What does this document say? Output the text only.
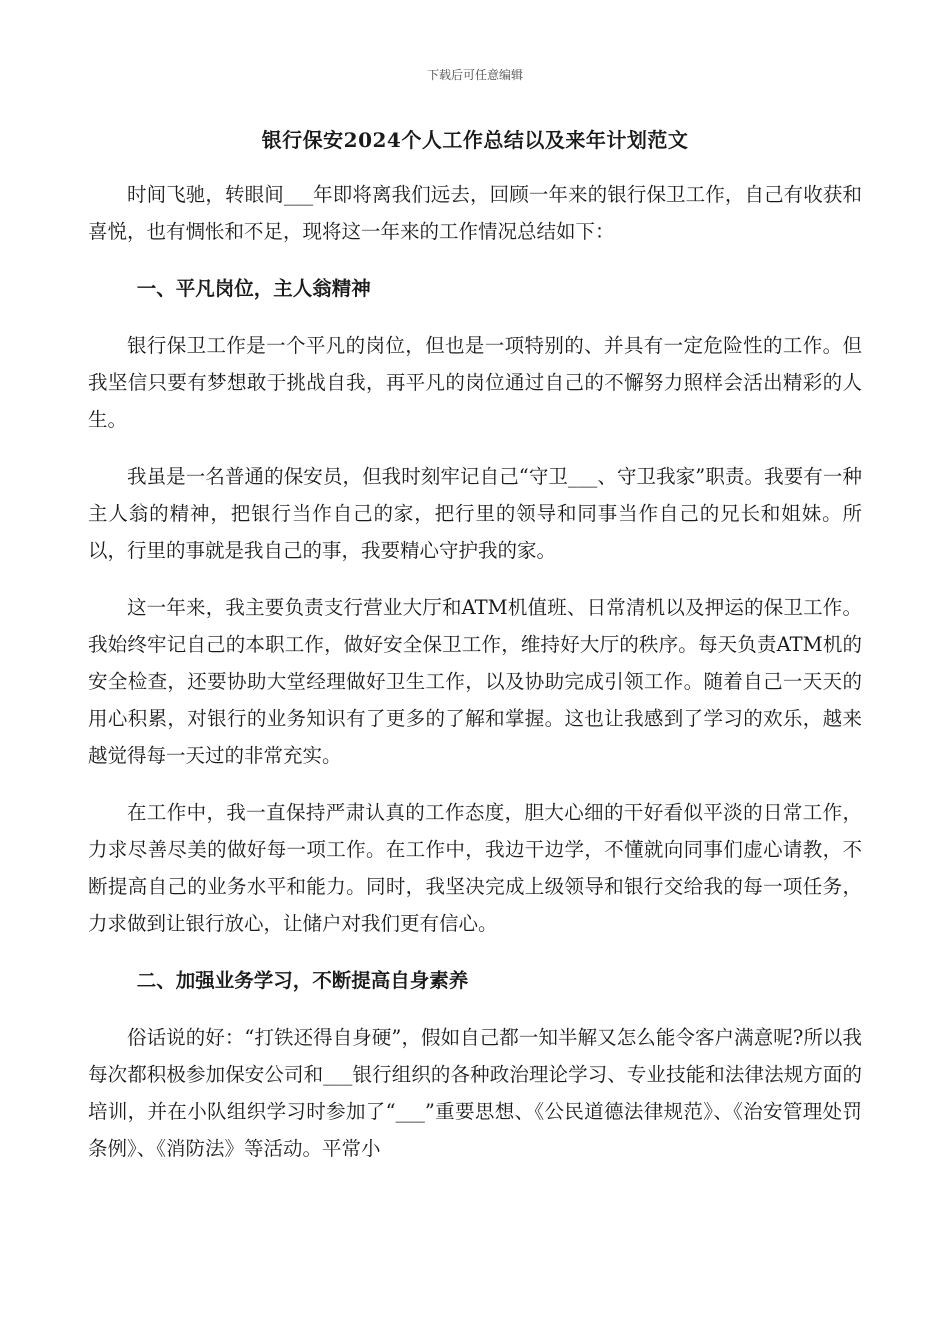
下载后可任意编辑
银行保安2024个人工作总结以及来年计划范文

时间飞驰，转眼间___年即将离我们远去，回顾一年来的银行保卫工作，自己有收获和喜悦，也有惆怅和不足，现将这一年来的工作情况总结如下：

一、平凡岗位，主人翁精神

银行保卫工作是一个平凡的岗位，但也是一项特别的、并具有一定危险性的工作。但我坚信只要有梦想敢于挑战自我，再平凡的岗位通过自己的不懈努力照样会活出精彩的人生。

我虽是一名普通的保安员，但我时刻牢记自己“守卫___、守卫我家”职责。我要有一种主人翁的精神，把银行当作自己的家，把行里的领导和同事当作自己的兄长和姐妹。所以，行里的事就是我自己的事，我要精心守护我的家。

这一年来，我主要负责支行营业大厅和ATM机值班、日常清机以及押运的保卫工作。我始终牢记自己的本职工作，做好安全保卫工作，维持好大厅的秩序。每天负责ATM机的安全检查，还要协助大堂经理做好卫生工作，以及协助完成引领工作。随着自己一天天的用心积累，对银行的业务知识有了更多的了解和掌握。这也让我感到了学习的欢乐，越来越觉得每一天过的非常充实。

在工作中，我一直保持严肃认真的工作态度，胆大心细的干好看似平淡的日常工作，力求尽善尽美的做好每一项工作。在工作中，我边干边学，不懂就向同事们虚心请教，不断提高自己的业务水平和能力。同时，我坚决完成上级领导和银行交给我的每一项任务，力求做到让银行放心，让储户对我们更有信心。

二、加强业务学习，不断提高自身素养

俗话说的好：“打铁还得自身硬”，假如自己都一知半解又怎么能令客户满意呢?所以我每次都积极参加保安公司和___银行组织的各种政治理论学习、专业技能和法律法规方面的培训，并在小队组织学习时参加了“___”重要思想、《公民道德法律规范》、《治安管理处罚条例》、《消防法》等活动。平常小
